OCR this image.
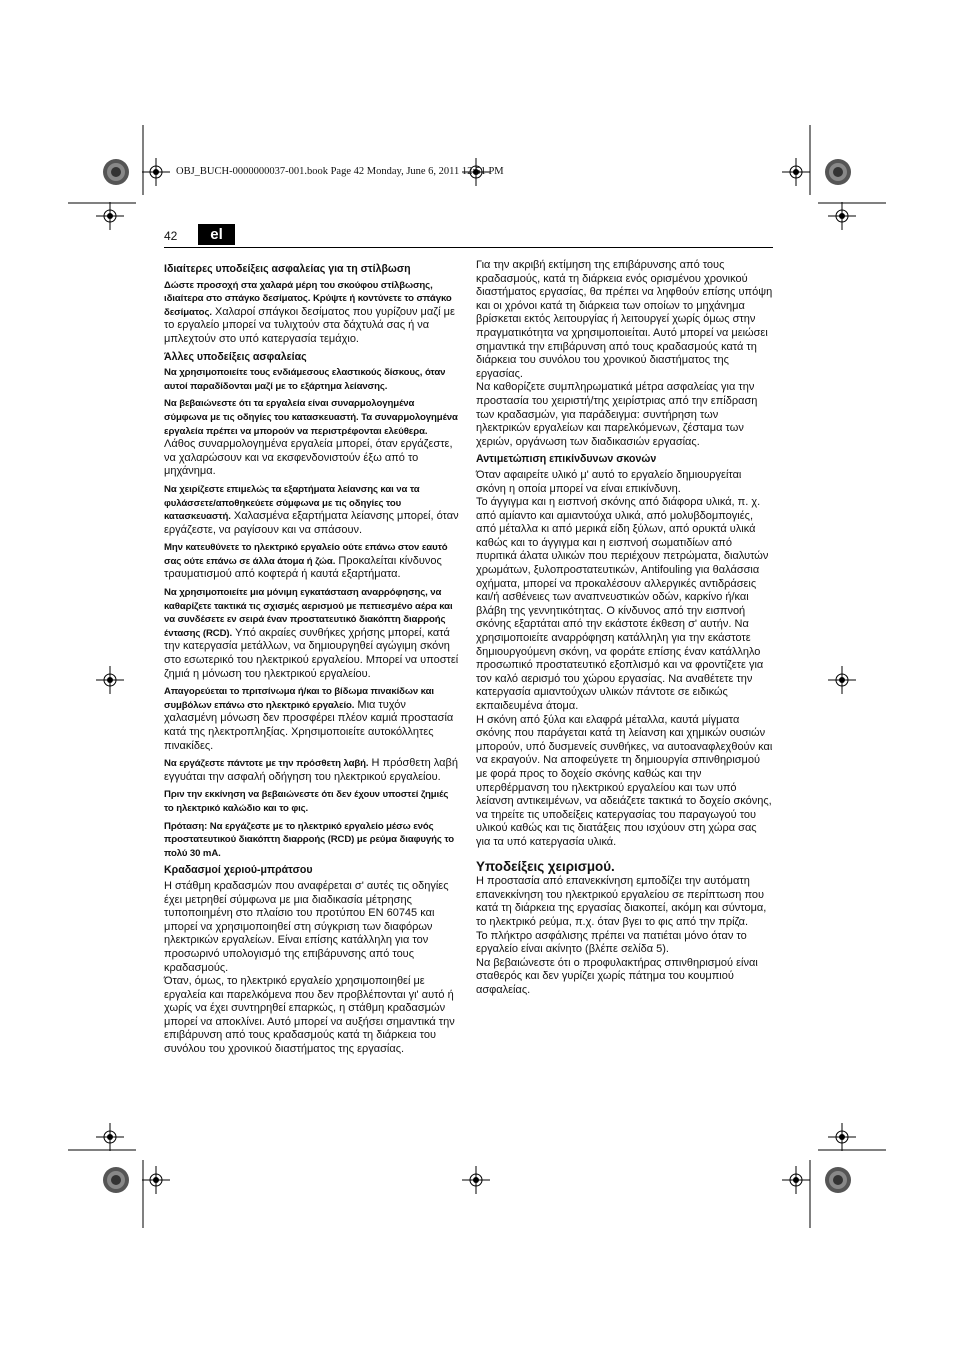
OBJ_BUCH-0000000037-001.book Page 42 Monday, June 6, 2011 12:51 PM
42	el
Ιδιαίτερες υποδείξεις ασφαλείας για τη στίλβωση

Δώστε προσοχή στα χαλαρά μέρη του σκούφου στίλβωσης, ιδιαίτερα στο σπάγκο δεσίματος. Κρύψτε ή κοντύνετε το σπάγκο δεσίματος. Χαλαροί σπάγκοι δεσίματος που γυρίζουν μαζί με το εργαλείο μπορεί να τυλιχτούν στα δάχτυλά σας ή να μπλεχτούν στο υπό κατεργασία τεμάχιο.

Άλλες υποδείξεις ασφαλείας

Να χρησιμοποιείτε τους ενδιάμεσους ελαστικούς δίσκους, όταν αυτοί παραδίδονται μαζί με το εξάρτημα λείανσης.

Να βεβαιώνεστε ότι τα εργαλεία είναι συναρμολογημένα σύμφωνα με τις οδηγίες του κατασκευαστή. Τα συναρμολογημένα εργαλεία πρέπει να μπορούν να περιστρέφονται ελεύθερα. Λάθος συναρμολογημένα εργαλεία μπορεί, όταν εργάζεστε, να χαλαρώσουν και να εκσφενδονιστούν έξω από το μηχάνημα.

Να χειρίζεστε επιμελώς τα εξαρτήματα λείανσης και να τα φυλάσσετε/αποθηκεύετε σύμφωνα με τις οδηγίες του κατασκευαστή. Χαλασμένα εξαρτήματα λείανσης μπορεί, όταν εργάζεστε, να ραγίσουν και να σπάσουν.

Μην κατευθύνετε το ηλεκτρικό εργαλείο ούτε επάνω στον εαυτό σας ούτε επάνω σε άλλα άτομα ή ζώα. Προκαλείται κίνδυνος τραυματισμού από κοφτερά ή καυτά εξαρτήματα.

Να χρησιμοποιείτε μια μόνιμη εγκατάσταση αναρρόφησης, να καθαρίζετε τακτικά τις σχισμές αερισμού με πεπιεσμένο αέρα και να συνδέσετε εν σειρά έναν προστατευτικό διακόπτη διαρροής έντασης (RCD). Υπό ακραίες συνθήκες χρήσης μπορεί, κατά την κατεργασία μετάλλων, να δημιουργηθεί αγώγιμη σκόνη στο εσωτερικό του ηλεκτρικού εργαλείου. Μπορεί να υποστεί ζημιά η μόνωση του ηλεκτρικού εργαλείου.

Απαγορεύεται το πριτσίνωμα ή/και το βίδωμα πινακίδων και συμβόλων επάνω στο ηλεκτρικό εργαλείο. Μια τυχόν χαλασμένη μόνωση δεν προσφέρει πλέον καμιά προστασία κατά της ηλεκτροπληξίας. Χρησιμοποιείτε αυτοκόλλητες πινακίδες.

Να εργάζεστε πάντοτε με την πρόσθετη λαβή. Η πρόσθετη λαβή εγγυάται την ασφαλή οδήγηση του ηλεκτρικού εργαλείου.

Πριν την εκκίνηση να βεβαιώνεστε ότι δεν έχουν υποστεί ζημιές το ηλεκτρικό καλώδιο και το φις.

Πρόταση: Να εργάζεστε με το ηλεκτρικό εργαλείο μέσω ενός προστατευτικού διακόπτη διαρροής (RCD) με ρεύμα διαφυγής το πολύ 30 mA.

Κραδασμοί χεριού-μπράτσου

Η στάθμη κραδασμών που αναφέρεται σ' αυτές τις οδηγίες έχει μετρηθεί σύμφωνα με μια διαδικασία μέτρησης τυποποιημένη στο πλαίσιο του προτύπου EN 60745 και μπορεί να χρησιμοποιηθεί στη σύγκριση των διαφόρων ηλεκτρικών εργαλείων. Είναι επίσης κατάλληλη για τον προσωρινό υπολογισμό της επιβάρυνσης από τους κραδασμούς.

Όταν, όμως, το ηλεκτρικό εργαλείο χρησιμοποιηθεί με εργαλεία και παρελκόμενα που δεν προβλέπονται γι' αυτό ή χωρίς να έχει συντηρηθεί επαρκώς, η στάθμη κραδασμών μπορεί να αποκλίνει. Αυτό μπορεί να αυξήσει σημαντικά την επιβάρυνση από τους κραδασμούς κατά τη διάρκεια του συνόλου του χρονικού διαστήματος της εργασίας.

Για την ακριβή εκτίμηση της επιβάρυνσης από τους κραδασμούς, κατά τη διάρκεια ενός ορισμένου χρονικού διαστήματος εργασίας, θα πρέπει να ληφθούν επίσης υπόψη και οι χρόνοι κατά τη διάρκεια των οποίων το μηχάνημα βρίσκεται εκτός λειτουργίας ή λειτουργεί χωρίς όμως στην πραγματικότητα να χρησιμοποιείται. Αυτό μπορεί να μειώσει σημαντικά την επιβάρυνση από τους κραδασμούς κατά τη διάρκεια του συνόλου του χρονικού διαστήματος της εργασίας.

Να καθορίζετε συμπληρωματικά μέτρα ασφαλείας για την προστασία του χειριστή/της χειρίστριας από την επίδραση των κραδασμών, για παράδειγμα: συντήρηση των ηλεκτρικών εργαλείων και παρελκόμενων, ζέσταμα των χεριών, οργάνωση των διαδικασιών εργασίας.

Αντιμετώπιση επικίνδυνων σκονών

Όταν αφαιρείτε υλικό μ' αυτό το εργαλείο δημιουργείται σκόνη η οποία μπορεί να είναι επικίνδυνη.

Το άγγιγμα και η εισπνοή σκόνης από διάφορα υλικά, π. χ. από αμίαντο και αμιαντούχα υλικά, από μολυβδομπογιές, από μέταλλα κι από μερικά είδη ξύλων, από ορυκτά υλικά καθώς και το άγγιγμα και η εισπνοή σωματιδίων από πυριτικά άλατα υλικών που περιέχουν πετρώματα, διαλυτών χρωμάτων, ξυλοπροστατευτικών, Antifouling για θαλάσσια οχήματα, μπορεί να προκαλέσουν αλλεργικές αντιδράσεις και/ή ασθένειες των αναπνευστικών οδών, καρκίνο ή/και βλάβη της γεννητικότητας. Ο κίνδυνος από την εισπνοή σκόνης εξαρτάται από την εκάστοτε έκθεση σ' αυτήν. Να χρησιμοποιείτε αναρρόφηση κατάλληλη για την εκάστοτε δημιουργούμενη σκόνη, να φοράτε επίσης έναν κατάλληλο προσωπικό προστατευτικό εξοπλισμό και να φροντίζετε για τον καλό αερισμό του χώρου εργασίας. Να αναθέτετε την κατεργασία αμιαντούχων υλικών πάντοτε σε ειδικώς εκπαιδευμένα άτομα.

Η σκόνη από ξύλα και ελαφρά μέταλλα, καυτά μίγματα σκόνης που παράγεται κατά τη λείανση και χημικών ουσιών μπορούν, υπό δυσμενείς συνθήκες, να αυτοαναφλεχθούν και να εκραγούν. Να αποφεύγετε τη δημιουργία σπινθηρισμού με φορά προς το δοχείο σκόνης καθώς και την υπερθέρμανση του ηλεκτρικού εργαλείου και των υπό λείανση αντικειμένων, να αδειάζετε τακτικά το δοχείο σκόνης, να τηρείτε τις υποδείξεις κατεργασίας του παραγωγού του υλικού καθώς και τις διατάξεις που ισχύουν στη χώρα σας για τα υπό κατεργασία υλικά.

Υποδείξεις χειρισμού.

Η προστασία από επανεκκίνηση εμποδίζει την αυτόματη επανεκκίνηση του ηλεκτρικού εργαλείου σε περίπτωση που κατά τη διάρκεια της εργασίας διακοπεί, ακόμη και σύντομα, το ηλεκτρικό ρεύμα, π.χ. όταν βγει το φις από την πρίζα.

Το πλήκτρο ασφάλισης πρέπει να πατιέται μόνο όταν το εργαλείο είναι ακίνητο (βλέπε σελίδα 5).

Να βεβαιώνεστε ότι ο προφυλακτήρας σπινθηρισμού είναι σταθερός και δεν γυρίζει χωρίς πάτημα του κουμπιού ασφαλείας.
